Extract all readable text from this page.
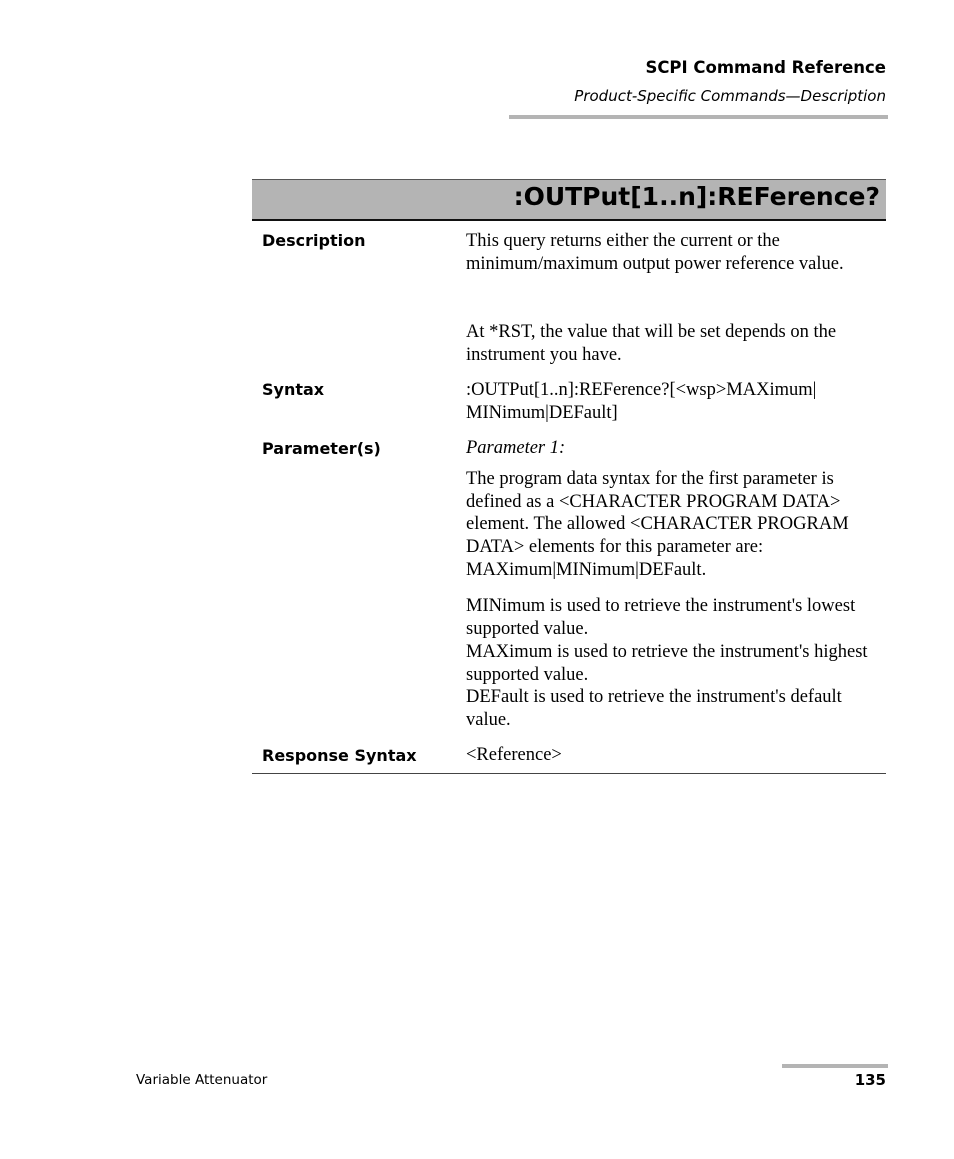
SCPI Command Reference
Product-Specific Commands—Description
:OUTPut[1..n]:REFerence?
Description	This query returns either the current or the minimum/maximum output power reference value.
At *RST, the value that will be set depends on the instrument you have.
Syntax	:OUTPut[1..n]:REFerence?[<wsp>MAXimum|
MINimum|DEFault]
Parameter(s)	Parameter 1:
The program data syntax for the first parameter is defined as a <CHARACTER PROGRAM DATA> element. The allowed <CHARACTER PROGRAM DATA> elements for this parameter are: MAXimum|MINimum|DEFault.
MINimum is used to retrieve the instrument's lowest supported value.
MAXimum is used to retrieve the instrument's highest supported value.
DEFault is used to retrieve the instrument's default value.
Response Syntax	<Reference>
Variable Attenuator	135
